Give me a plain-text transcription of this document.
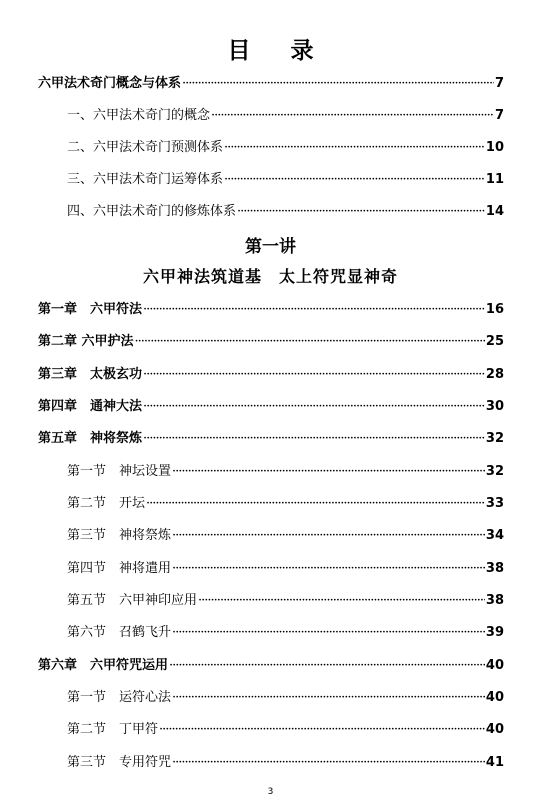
目 录
六甲法术奇门概念与体系 ·····	7
一、六甲法术奇门的概念 ·····	7
二、六甲法术奇门预测体系 ·····	10
三、六甲法术奇门运筹体系 ·····	11
四、六甲法术奇门的修炼体系 ·····	14
第一讲
六甲神法筑道基　太上符咒显神奇
第一章　六甲符法 ·····	16
第二章 六甲护法 ·····	25
第三章　太极玄功 ·····	28
第四章　通神大法 ·····	30
第五章　神将祭炼 ·····	32
第一节　神坛设置 ·····	32
第二节　开坛 ·····	33
第三节　神将祭炼 ·····	34
第四节　神将遣用 ·····	38
第五节　六甲神印应用 ·····	38
第六节　召鹤飞升 ·····	39
第六章　六甲符咒运用 ·····	40
第一节　运符心法 ·····	40
第二节　丁甲符 ·····	40
第三节　专用符咒 ·····	41
3
